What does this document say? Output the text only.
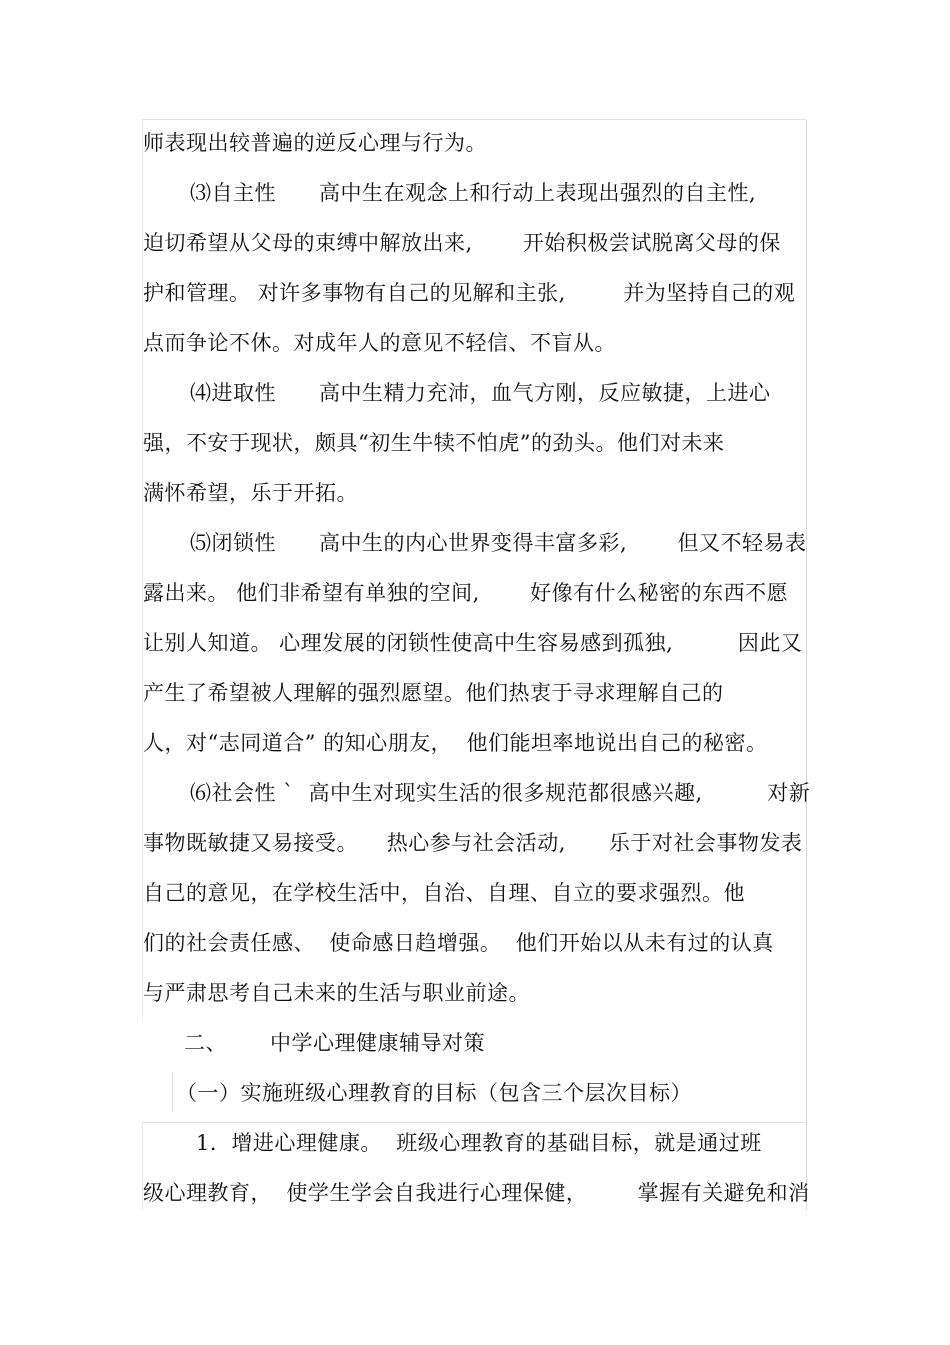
师表现出较普遍的逆反心理与行为。
⑶自主性      高中生在观念上和行动上表现出强烈的自主性,
迫切希望从父母的束缚中解放出来,       开始积极尝试脱离父母的保
护和管理。 对许多事物有自己的见解和主张,        并为坚持自己的观
点而争论不休。对成年人的意见不轻信、不盲从。
⑷进取性      高中生精力充沛，血气方刚，反应敏捷，上进心
强，不安于现状，颇具“初生牛犊不怕虎”的劲头。他们对未来
满怀希望，乐于开拓。
⑸闭锁性      高中生的内心世界变得丰富多彩,       但又不轻易表
露出来。 他们非希望有单独的空间,       好像有什么秘密的东西不愿
让别人知道。 心理发展的闭锁性使高中生容易感到孤独,         因此又
产生了希望被人理解的强烈愿望。他们热衷于寻求理解自己的
人，对“志同道合” 的知心朋友，  他们能坦率地说出自己的秘密。
⑹社会性 `  高中生对现实生活的很多规范都很感兴趣,         对新
事物既敏捷又易接受。    热心参与社会活动,      乐于对社会事物发表
自己的意见，在学校生活中，自治、自理、自立的要求强烈。他
们的社会责任感、  使命感日趋增强。  他们开始以从未有过的认真
与严肃思考自己未来的生活与职业前途。
二、      中学心理健康辅导对策
（一）实施班级心理教育的目标（包含三个层次目标）
1．增进心理健康。  班级心理教育的基础目标，就是通过班
级心理教育，  使学生学会自我进行心理保健，       掌握有关避免和消
